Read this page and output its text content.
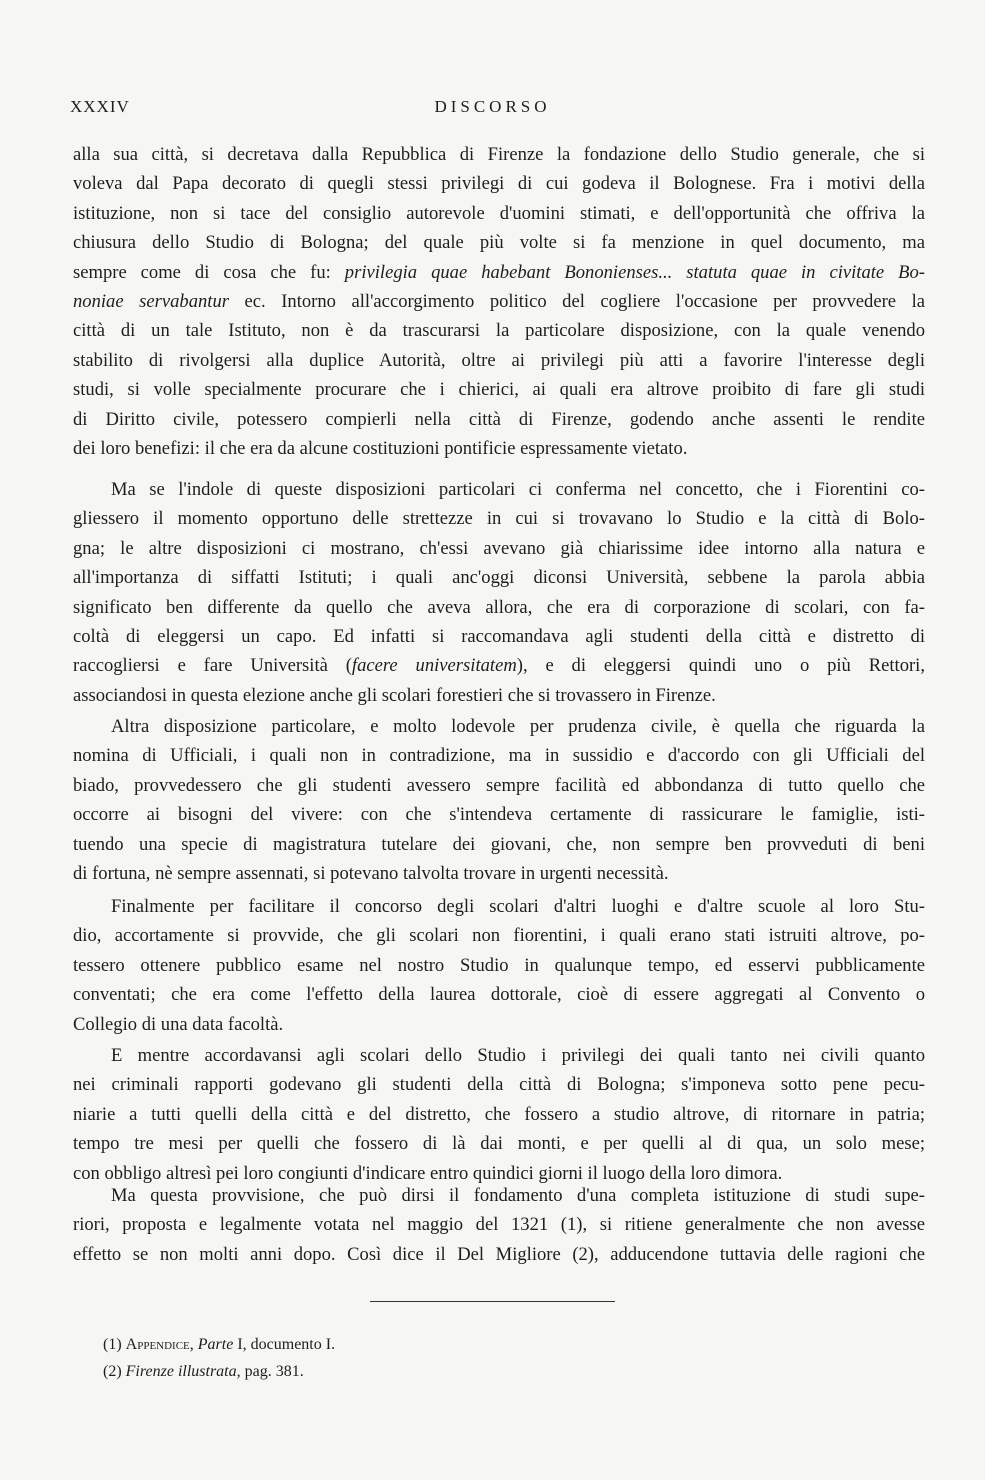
XXXIV	DISCORSO
alla sua città, si decretava dalla Repubblica di Firenze la fondazione dello Studio generale, che si
voleva dal Papa decorato di quegli stessi privilegi di cui godeva il Bolognese. Fra i motivi della
istituzione, non si tace del consiglio autorevole d'uomini stimati, e dell'opportunità che offriva la
chiusura dello Studio di Bologna; del quale più volte si fa menzione in quel documento, ma
sempre come di cosa che fu: privilegia quae habebant Bononienses... statuta quae in civitate Bo-
noniae servabantur ec. Intorno all'accorgimento politico del cogliere l'occasione per provvedere la
città di un tale Istituto, non è da trascurarsi la particolare disposizione, con la quale venendo
stabilito di rivolgersi alla duplice Autorità, oltre ai privilegi più atti a favorire l'interesse degli
studi, si volle specialmente procurare che i chierici, ai quali era altrove proibito di fare gli studi
di Diritto civile, potessero compierli nella città di Firenze, godendo anche assenti le rendite
dei loro benefizi: il che era da alcune costituzioni pontificie espressamente vietato.
Ma se l'indole di queste disposizioni particolari ci conferma nel concetto, che i Fiorentini co-
gliessero il momento opportuno delle strettezze in cui si trovavano lo Studio e la città di Bolo-
gna; le altre disposizioni ci mostrano, ch'essi avevano già chiarissime idee intorno alla natura e
all'importanza di siffatti Istituti; i quali anc'oggi diconsi Università, sebbene la parola abbia
significato ben differente da quello che aveva allora, che era di corporazione di scolari, con fa-
coltà di eleggersi un capo. Ed infatti si raccomandava agli studenti della città e distretto di
raccogliersi e fare Università (facere universitatem), e di eleggersi quindi uno o più Rettori,
associandosi in questa elezione anche gli scolari forestieri che si trovassero in Firenze.
Altra disposizione particolare, e molto lodevole per prudenza civile, è quella che riguarda la
nomina di Ufficiali, i quali non in contradizione, ma in sussidio e d'accordo con gli Ufficiali del
biado, provvedessero che gli studenti avessero sempre facilità ed abbondanza di tutto quello che
occorre ai bisogni del vivere: con che s'intendeva certamente di rassicurare le famiglie, isti-
tuendo una specie di magistratura tutelare dei giovani, che, non sempre ben provveduti di beni
di fortuna, nè sempre assennati, si potevano talvolta trovare in urgenti necessità.
Finalmente per facilitare il concorso degli scolari d'altri luoghi e d'altre scuole al loro Stu-
dio, accortamente si provvide, che gli scolari non fiorentini, i quali erano stati istruiti altrove, po-
tessero ottenere pubblico esame nel nostro Studio in qualunque tempo, ed esservi pubblicamente
conventati; che era come l'effetto della laurea dottorale, cioè di essere aggregati al Convento o
Collegio di una data facoltà.
E mentre accordavansi agli scolari dello Studio i privilegi dei quali tanto nei civili quanto
nei criminali rapporti godevano gli studenti della città di Bologna; s'imponeva sotto pene pecu-
niarie a tutti quelli della città e del distretto, che fossero a studio altrove, di ritornare in patria;
tempo tre mesi per quelli che fossero di là dai monti, e per quelli al di qua, un solo mese;
con obbligo altresì pei loro congiunti d'indicare entro quindici giorni il luogo della loro dimora.
Ma questa provvisione, che può dirsi il fondamento d'una completa istituzione di studi supe-
riori, proposta e legalmente votata nel maggio del 1321 (1), si ritiene generalmente che non avesse
effetto se non molti anni dopo. Così dice il Del Migliore (2), adducendone tuttavia delle ragioni che
(1) Appendice, Parte I, documento I.
(2) Firenze illustrata, pag. 381.
